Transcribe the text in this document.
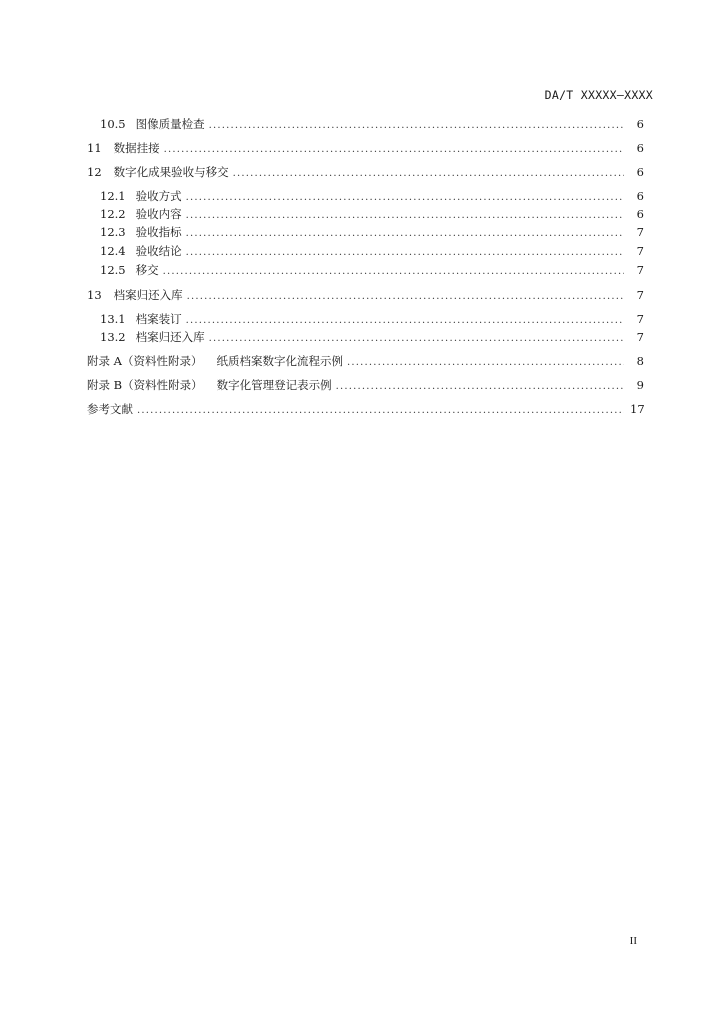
DA/T XXXXX—XXXX
10.5 图像质量检查 .....	6
11 数据挂接 .....	6
12 数字化成果验收与移交 .....	6
12.1 验收方式 .....	6
12.2 验收内容 .....	6
12.3 验收指标 .....	7
12.4 验收结论 .....	7
12.5 移交 .....	7
13 档案归还入库 .....	7
13.1 档案装订 .....	7
13.2 档案归还入库 .....	7
附录 A（资料性附录） 纸质档案数字化流程示例 .....	8
附录 B（资料性附录） 数字化管理登记表示例 .....	9
参考文献 .....	17
II
